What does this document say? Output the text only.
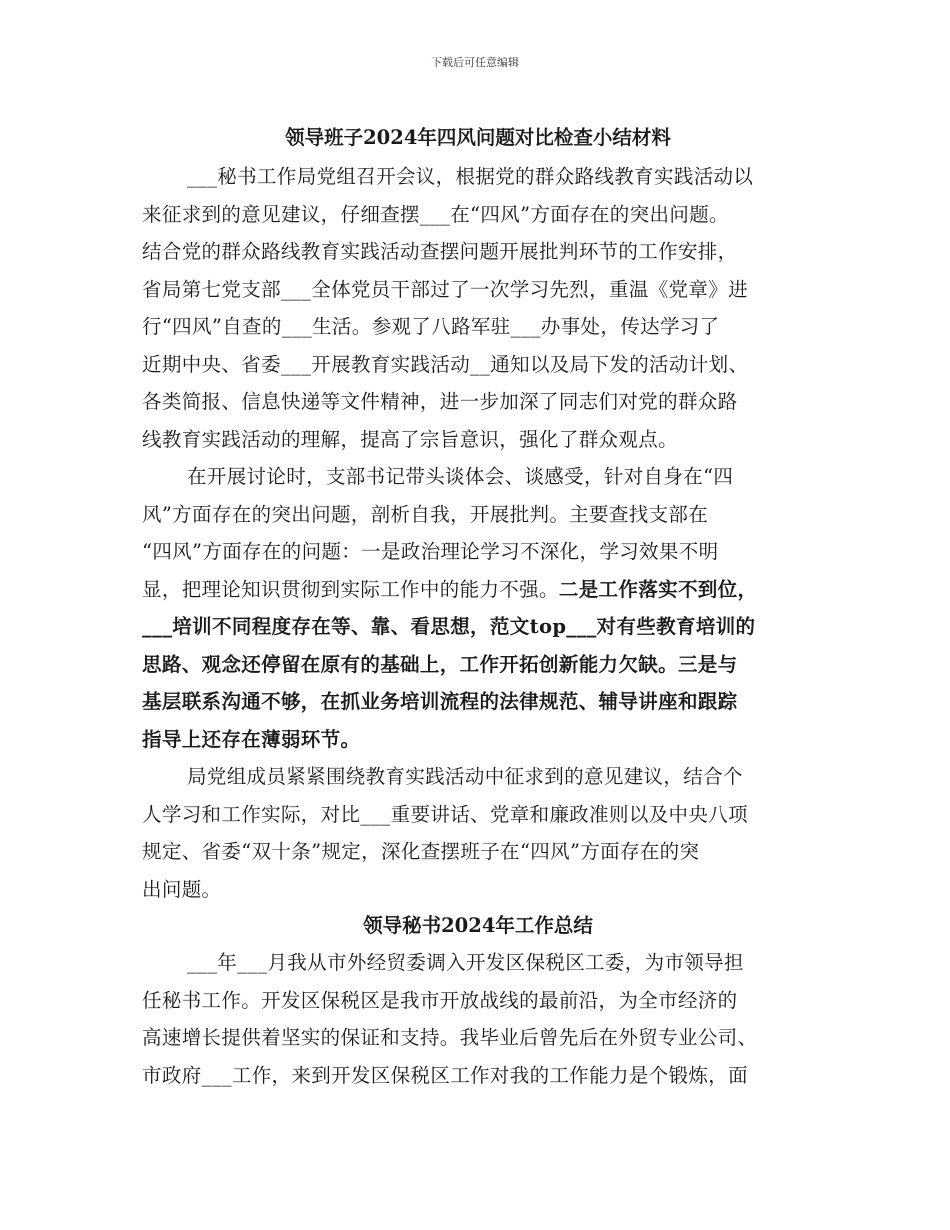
下载后可任意编辑
领导班子2024年四风问题对比检查小结材料
___秘书工作局党组召开会议，根据党的群众路线教育实践活动以
来征求到的意见建议，仔细查摆___在“四风”方面存在的突出问题。
结合党的群众路线教育实践活动查摆问题开展批判环节的工作安排，
省局第七党支部___全体党员干部过了一次学习先烈，重温《党章》进
行“四风”自查的___生活。参观了八路军驻___办事处，传达学习了
近期中央、省委___开展教育实践活动__通知以及局下发的活动计划、
各类简报、信息快递等文件精神，进一步加深了同志们对党的群众路
线教育实践活动的理解，提高了宗旨意识，强化了群众观点。
在开展讨论时，支部书记带头谈体会、谈感受，针对自身在“四
风”方面存在的突出问题，剖析自我，开展批判。主要查找支部在
“四风”方面存在的问题：一是政治理论学习不深化，学习效果不明
显，把理论知识贯彻到实际工作中的能力不强。二是工作落实不到位，
___培训不同程度存在等、靠、看思想，范文top___对有些教育培训的
思路、观念还停留在原有的基础上，工作开拓创新能力欠缺。三是与
基层联系沟通不够，在抓业务培训流程的法律规范、辅导讲座和跟踪
指导上还存在薄弱环节。
局党组成员紧紧围绕教育实践活动中征求到的意见建议，结合个
人学习和工作实际，对比___重要讲话、党章和廉政准则以及中央八项
规定、省委“双十条”规定，深化查摆班子在“四风”方面存在的突
出问题。
领导秘书2024年工作总结
___年___月我从市外经贸委调入开发区保税区工委，为市领导担
任秘书工作。开发区保税区是我市开放战线的最前沿，为全市经济的
高速增长提供着坚实的保证和支持。我毕业后曾先后在外贸专业公司、
市政府___工作，来到开发区保税区工作对我的工作能力是个锻炼，面
